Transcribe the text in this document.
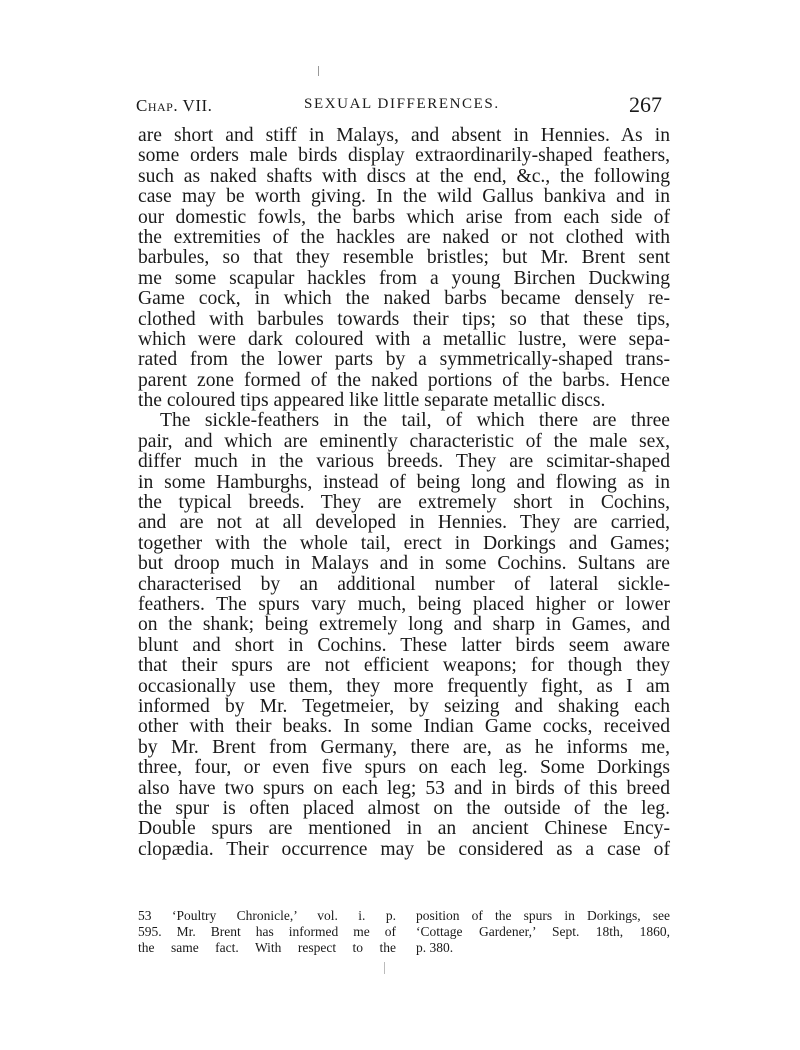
Chap. VII.	SEXUAL DIFFERENCES.	267
are short and stiff in Malays, and absent in Hennies. As in
some orders male birds display extraordinarily-shaped feathers,
such as naked shafts with discs at the end, &c., the following
case may be worth giving. In the wild Gallus bankiva and in
our domestic fowls, the barbs which arise from each side of
the extremities of the hackles are naked or not clothed with
barbules, so that they resemble bristles; but Mr. Brent sent
me some scapular hackles from a young Birchen Duckwing
Game cock, in which the naked barbs became densely re-
clothed with barbules towards their tips; so that these tips,
which were dark coloured with a metallic lustre, were sepa-
rated from the lower parts by a symmetrically-shaped trans-
parent zone formed of the naked portions of the barbs. Hence
the coloured tips appeared like little separate metallic discs.
The sickle-feathers in the tail, of which there are three
pair, and which are eminently characteristic of the male sex,
differ much in the various breeds. They are scimitar-shaped
in some Hamburghs, instead of being long and flowing as in
the typical breeds. They are extremely short in Cochins,
and are not at all developed in Hennies. They are carried,
together with the whole tail, erect in Dorkings and Games;
but droop much in Malays and in some Cochins. Sultans are
characterised by an additional number of lateral sickle-
feathers. The spurs vary much, being placed higher or lower
on the shank; being extremely long and sharp in Games, and
blunt and short in Cochins. These latter birds seem aware
that their spurs are not efficient weapons; for though they
occasionally use them, they more frequently fight, as I am
informed by Mr. Tegetmeier, by seizing and shaking each
other with their beaks. In some Indian Game cocks, received
by Mr. Brent from Germany, there are, as he informs me,
three, four, or even five spurs on each leg. Some Dorkings
also have two spurs on each leg; 53 and in birds of this breed
the spur is often placed almost on the outside of the leg.
Double spurs are mentioned in an ancient Chinese Ency-
clopædia. Their occurrence may be considered as a case of
53 ‘Poultry Chronicle,’ vol. i. p.
595. Mr. Brent has informed me of
the same fact. With respect to the
position of the spurs in Dorkings, see
‘Cottage Gardener,’ Sept. 18th, 1860,
p. 380.
